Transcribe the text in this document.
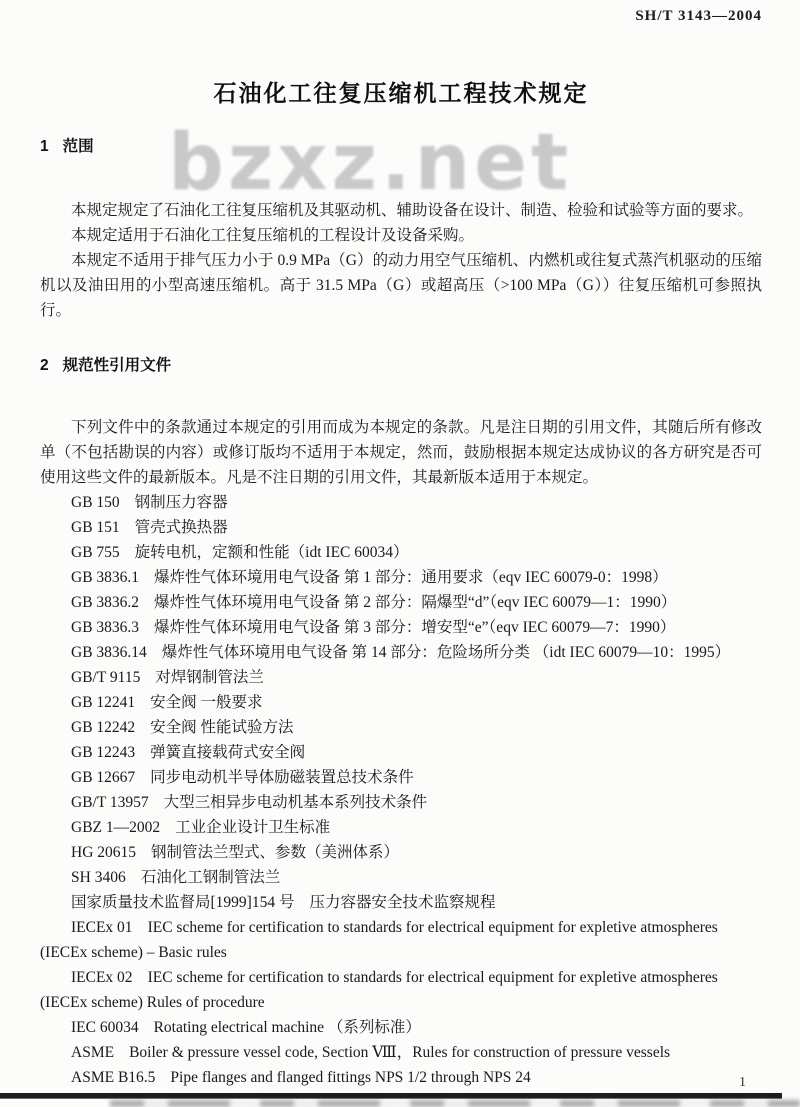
bzxz.net
SH/T 3143—2004
石油化工往复压缩机工程技术规定
1 范围

本规定规定了石油化工往复压缩机及其驱动机、辅助设备在设计、制造、检验和试验等方面的要求。

本规定适用于石油化工往复压缩机的工程设计及设备采购。

本规定不适用于排气压力小于 0.9 MPa（G）的动力用空气压缩机、内燃机或往复式蒸汽机驱动的压缩机以及油田用的小型高速压缩机。高于 31.5 MPa（G）或超高压（>100 MPa（G））往复压缩机可参照执行。

2 规范性引用文件

下列文件中的条款通过本规定的引用而成为本规定的条款。凡是注日期的引用文件，其随后所有修改单（不包括勘误的内容）或修订版均不适用于本规定，然而，鼓励根据本规定达成协议的各方研究是否可使用这些文件的最新版本。凡是不注日期的引用文件，其最新版本适用于本规定。

GB 150 钢制压力容器

GB 151 管壳式换热器

GB 755 旋转电机，定额和性能（idt IEC 60034）

GB 3836.1 爆炸性气体环境用电气设备 第 1 部分：通用要求（eqv IEC 60079-0：1998）

GB 3836.2 爆炸性气体环境用电气设备 第 2 部分：隔爆型“d”（eqv IEC 60079—1：1990）

GB 3836.3 爆炸性气体环境用电气设备 第 3 部分：增安型“e”（eqv IEC 60079—7：1990）

GB 3836.14 爆炸性气体环境用电气设备 第 14 部分：危险场所分类 （idt IEC 60079—10：1995）

GB/T 9115 对焊钢制管法兰

GB 12241 安全阀 一般要求

GB 12242 安全阀 性能试验方法

GB 12243 弹簧直接载荷式安全阀

GB 12667 同步电动机半导体励磁装置总技术条件

GB/T 13957 大型三相异步电动机基本系列技术条件

GBZ 1—2002 工业企业设计卫生标准

HG 20615 钢制管法兰型式、参数（美洲体系）

SH 3406 石油化工钢制管法兰

国家质量技术监督局[1999]154 号 压力容器安全技术监察规程

IECEx 01 IEC scheme for certification to standards for electrical equipment for expletive atmospheres (IECEx scheme) – Basic rules

IECEx 02 IEC scheme for certification to standards for electrical equipment for expletive atmospheres (IECEx scheme) Rules of procedure

IEC 60034 Rotating electrical machine （系列标准）

ASME Boiler & pressure vessel code, Section Ⅷ，Rules for construction of pressure vessels

ASME B16.5 Pipe flanges and flanged fittings NPS 1/2 through NPS 24	1
